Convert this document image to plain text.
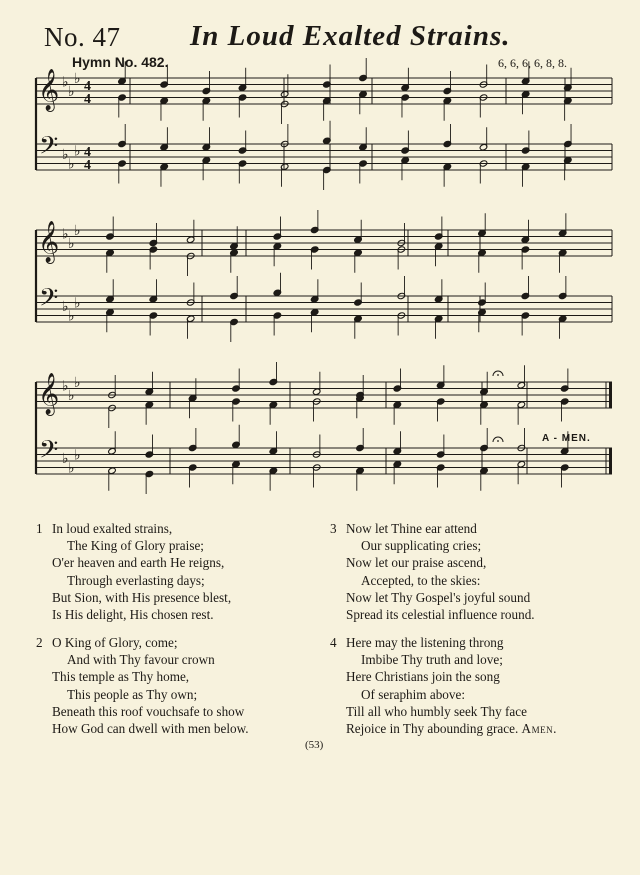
No. 47 In Loud Exalted Strains.
Hymn No. 482.	6, 6, 6, 6, 8, 8.
𝄞 ♭
♭
♭ 4
4
𝄢 ♭
♭
♭ 4
4
𝄞 ♭
♭
♭
𝄢 ♭
♭
♭
𝄞 ♭
♭
♭
𝄢 ♭
♭
♭
A - MEN.
1 In loud exalted strains,
The King of Glory praise;
O'er heaven and earth He reigns,
Through everlasting days;
But Sion, with His presence blest,
Is His delight, His chosen rest.
2 O King of Glory, come;
And with Thy favour crown
This temple as Thy home,
This people as Thy own;
Beneath this roof vouchsafe to show
How God can dwell with men below.
3 Now let Thine ear attend
Our supplicating cries;
Now let our praise ascend,
Accepted, to the skies:
Now let Thy Gospel's joyful sound
Spread its celestial influence round.
4 Here may the listening throng
Imbibe Thy truth and love;
Here Christians join the song
Of seraphim above:
Till all who humbly seek Thy face
Rejoice in Thy abounding grace. Amen.
(53)
